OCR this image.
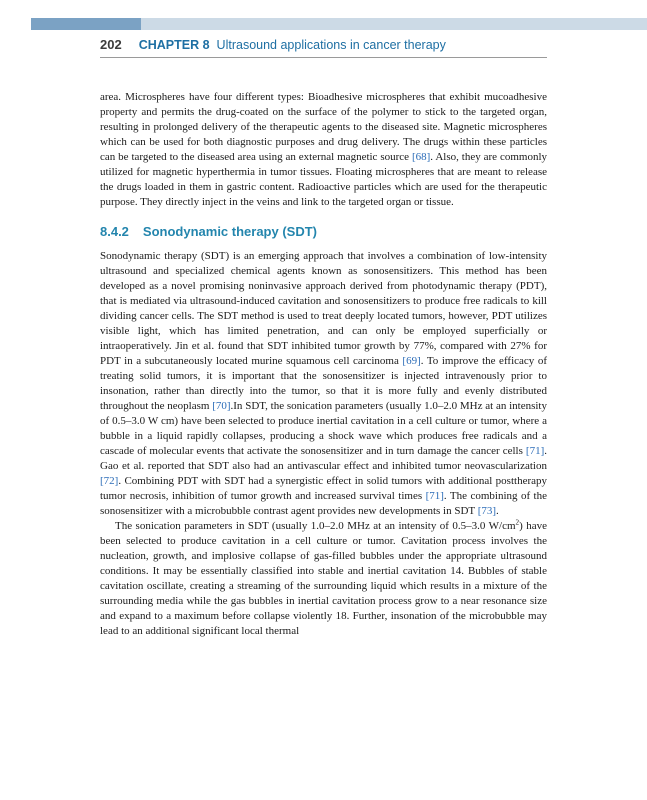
202 CHAPTER 8 Ultrasound applications in cancer therapy

area. Microspheres have four different types: Bioadhesive microspheres that exhibit mucoadhesive property and permits the drug-coated on the surface of the polymer to stick to the targeted organ, resulting in prolonged delivery of the therapeutic agents to the diseased site. Magnetic microspheres which can be used for both diagnostic purposes and drug delivery. The drugs within these particles can be targeted to the diseased area using an external magnetic source [68]. Also, they are commonly utilized for magnetic hyperthermia in tumor tissues. Floating microspheres that are meant to release the drugs loaded in them in gastric content. Radioactive particles which are used for the therapeutic purpose. They directly inject in the veins and link to the targeted organ or tissue.

8.4.2 Sonodynamic therapy (SDT)

Sonodynamic therapy (SDT) is an emerging approach that involves a combination of low-intensity ultrasound and specialized chemical agents known as sonosensitizers. This method has been developed as a novel promising noninvasive approach derived from photodynamic therapy (PDT), that is mediated via ultrasound-induced cavitation and sonosensitizers to produce free radicals to kill dividing cancer cells. The SDT method is used to treat deeply located tumors, however, PDT utilizes visible light, which has limited penetration, and can only be employed superficially or intraoperatively. Jin et al. found that SDT inhibited tumor growth by 77%, compared with 27% for PDT in a subcutaneously located murine squamous cell carcinoma [69]. To improve the efficacy of treating solid tumors, it is important that the sonosensitizer is injected intravenously prior to insonation, rather than directly into the tumor, so that it is more fully and evenly distributed throughout the neoplasm [70].In SDT, the sonication parameters (usually 1.0–2.0 MHz at an intensity of 0.5–3.0 W cm) have been selected to produce inertial cavitation in a cell culture or tumor, where a bubble in a liquid rapidly collapses, producing a shock wave which produces free radicals and a cascade of molecular events that activate the sonosensitizer and in turn damage the cancer cells [71]. Gao et al. reported that SDT also had an antivascular effect and inhibited tumor neovascularization [72]. Combining PDT with SDT had a synergistic effect in solid tumors with additional posttherapy tumor necrosis, inhibition of tumor growth and increased survival times [71]. The combining of the sonosensitizer with a microbubble contrast agent provides new developments in SDT [73].

The sonication parameters in SDT (usually 1.0–2.0 MHz at an intensity of 0.5–3.0 $W/cm^2$) have been selected to produce cavitation in a cell culture or tumor. Cavitation process involves the nucleation, growth, and implosive collapse of gas-filled bubbles under the appropriate ultrasound conditions. It may be essentially classified into stable and inertial cavitation 14. Bubbles of stable cavitation oscillate, creating a streaming of the surrounding liquid which results in a mixture of the surrounding media while the gas bubbles in inertial cavitation process grow to a near resonance size and expand to a maximum before collapse violently 18. Further, insonation of the microbubble may lead to an additional significant local thermal
